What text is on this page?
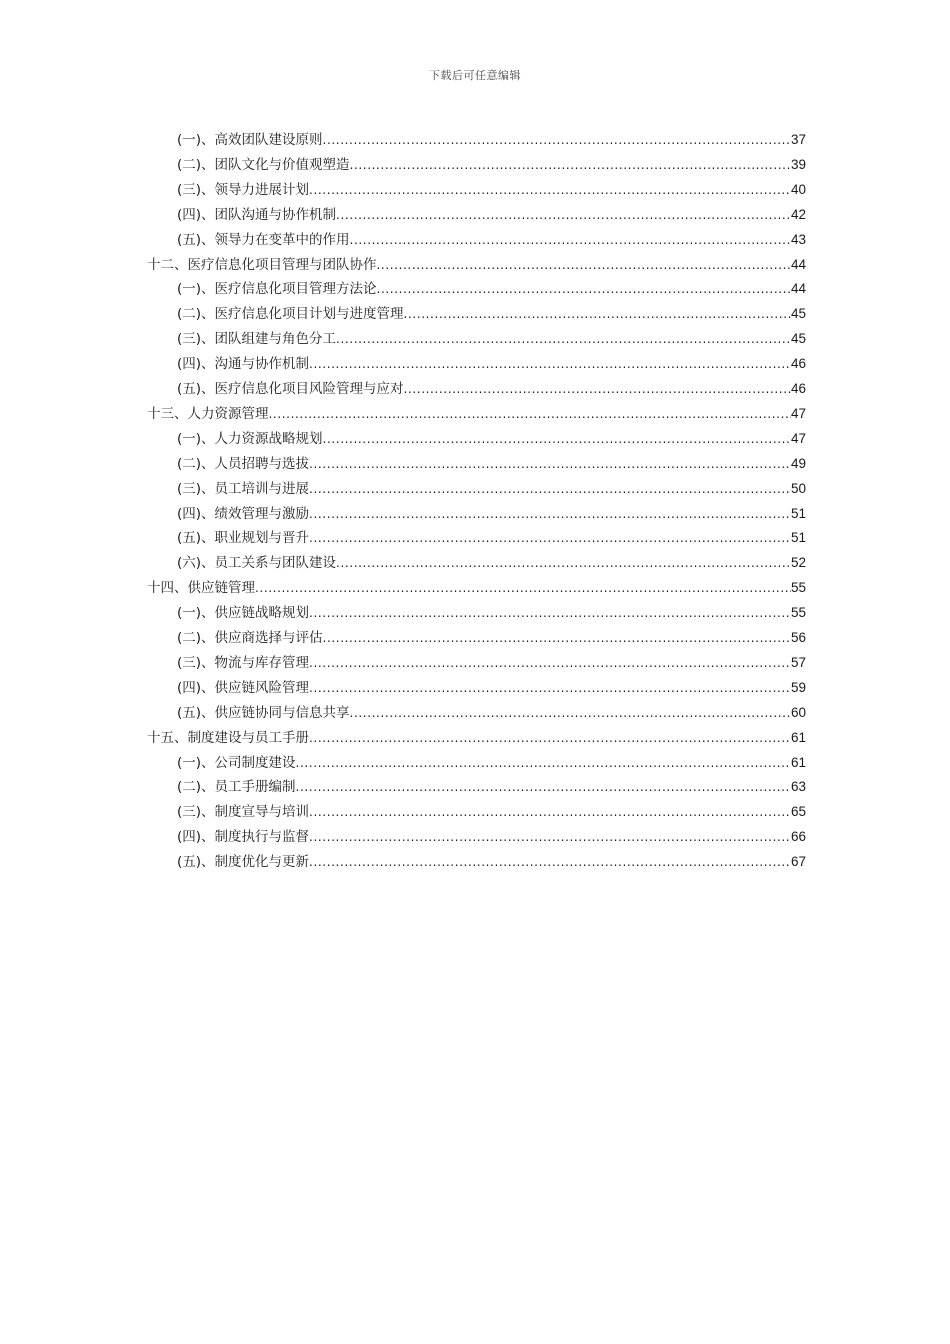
下载后可任意编辑
(一)、高效团队建设原则 .....	37
(二)、团队文化与价值观塑造 .....	39
(三)、领导力进展计划 .....	40
(四)、团队沟通与协作机制 .....	42
(五)、领导力在变革中的作用 .....	43
十二、医疗信息化项目管理与团队协作 .....	44
(一)、医疗信息化项目管理方法论 .....	44
(二)、医疗信息化项目计划与进度管理 .....	45
(三)、团队组建与角色分工 .....	45
(四)、沟通与协作机制 .....	46
(五)、医疗信息化项目风险管理与应对 .....	46
十三、人力资源管理 .....	47
(一)、人力资源战略规划 .....	47
(二)、人员招聘与选拔 .....	49
(三)、员工培训与进展 .....	50
(四)、绩效管理与激励 .....	51
(五)、职业规划与晋升 .....	51
(六)、员工关系与团队建设 .....	52
十四、供应链管理 .....	55
(一)、供应链战略规划 .....	55
(二)、供应商选择与评估 .....	56
(三)、物流与库存管理 .....	57
(四)、供应链风险管理 .....	59
(五)、供应链协同与信息共享 .....	60
十五、制度建设与员工手册 .....	61
(一)、公司制度建设 .....	61
(二)、员工手册编制 .....	63
(三)、制度宣导与培训 .....	65
(四)、制度执行与监督 .....	66
(五)、制度优化与更新 .....	67
